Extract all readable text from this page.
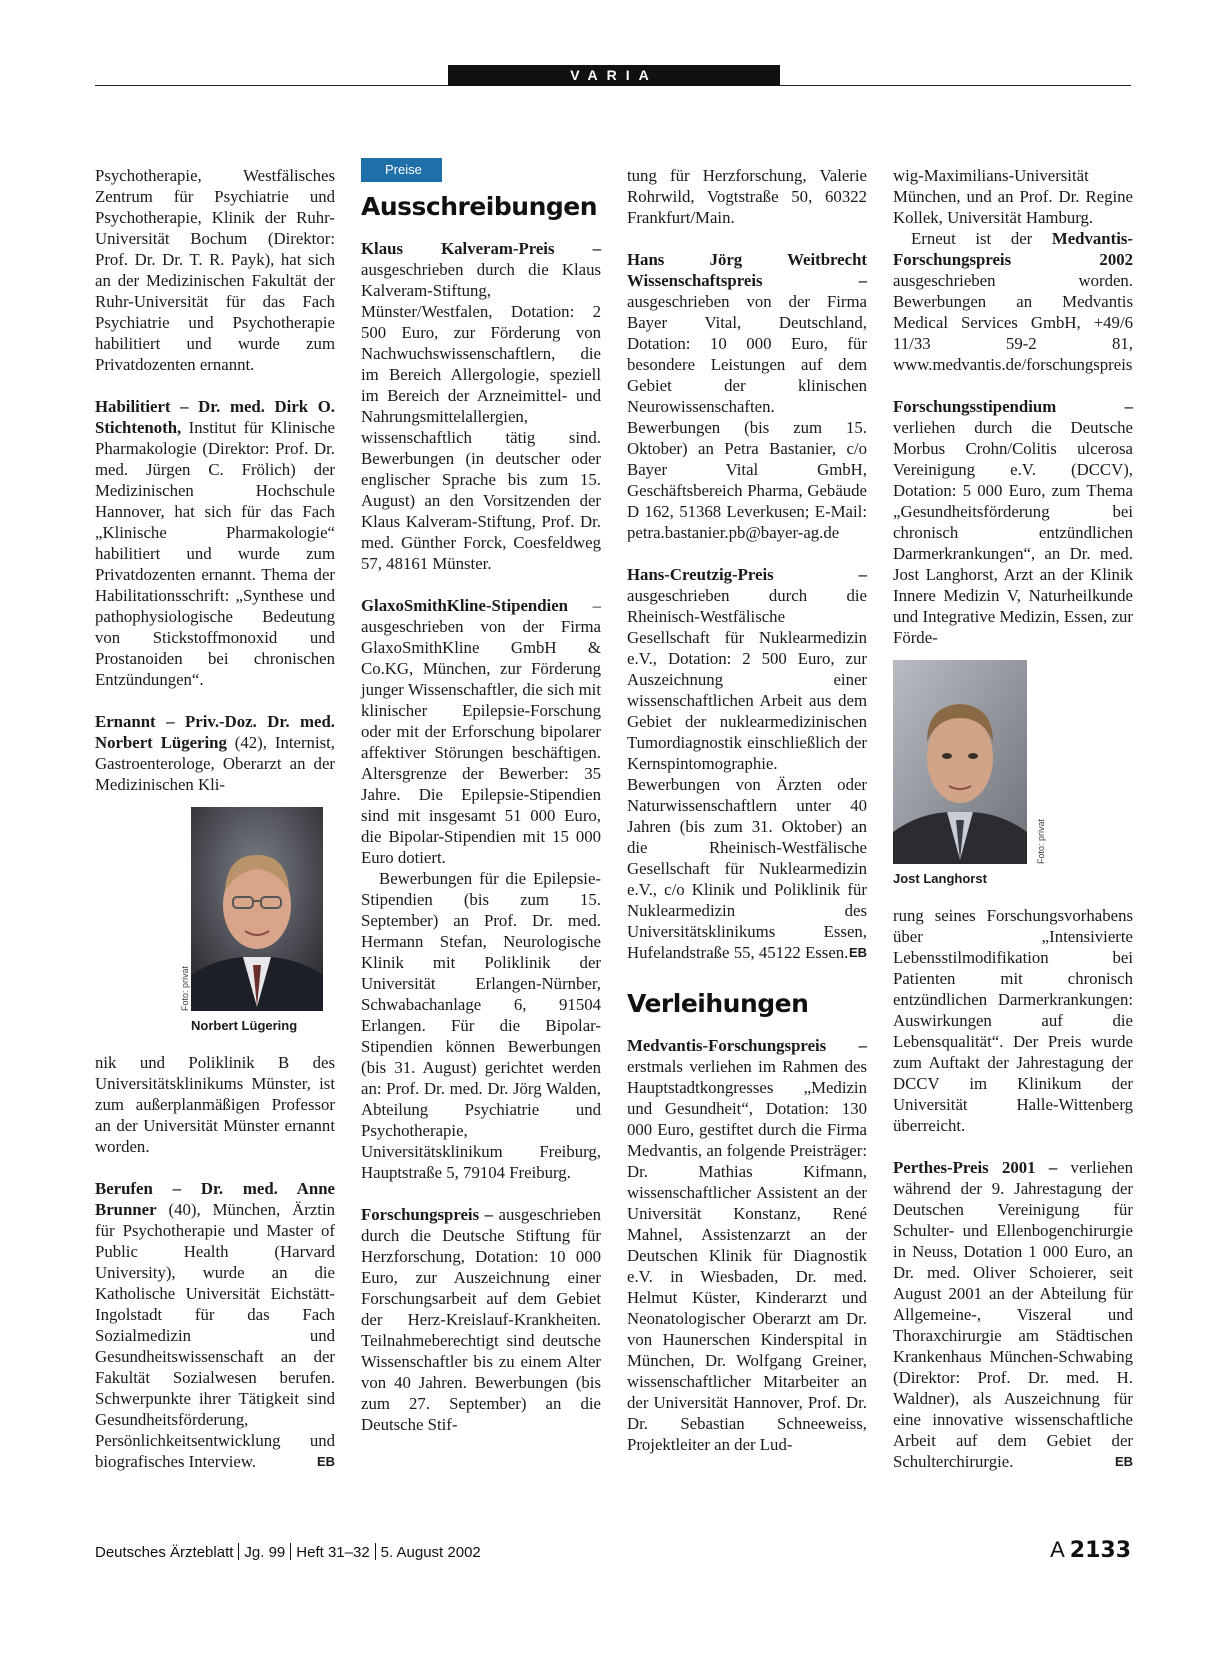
VARIA

Psychotherapie, Westfälisches Zentrum für Psychiatrie und Psychotherapie, Klinik der Ruhr-Universität Bochum (Direktor: Prof. Dr. Dr. T. R. Payk), hat sich an der Medizinischen Fakultät der Ruhr-Universität für das Fach Psychiatrie und Psychotherapie habilitiert und wurde zum Privatdozenten ernannt.

Habilitiert – Dr. med. Dirk O. Stichtenoth, Institut für Klinische Pharmakologie (Direktor: Prof. Dr. med. Jürgen C. Frölich) der Medizinischen Hochschule Hannover, hat sich für das Fach „Klinische Pharmakologie“ habilitiert und wurde zum Privatdozenten ernannt. Thema der Habilitationsschrift: „Synthese und pathophysiologische Bedeutung von Stickstoffmonoxid und Prostanoiden bei chronischen Entzündungen“.

Ernannt – Priv.-Doz. Dr. med. Norbert Lügering (42), Internist, Gastroenterologe, Oberarzt an der Medizinischen Kli-

Foto: privat
Norbert Lügering

nik und Poliklinik B des Universitätsklinikums Münster, ist zum außerplanmäßigen Professor an der Universität Münster ernannt worden.

Berufen – Dr. med. Anne Brunner (40), München, Ärztin für Psychotherapie und Master of Public Health (Harvard University), wurde an die Katholische Universität Eichstätt-Ingolstadt für das Fach Sozialmedizin und Gesundheitswissenschaft an der Fakultät Sozialwesen berufen. Schwerpunkte ihrer Tätigkeit sind Gesundheitsförderung, Persönlichkeitsentwicklung und biografisches Interview.	EB

Preise
Ausschreibungen

Klaus Kalveram-Preis – ausgeschrieben durch die Klaus Kalveram-Stiftung, Münster/Westfalen, Dotation: 2 500 Euro, zur Förderung von Nachwuchswissenschaftlern, die im Bereich Allergologie, speziell im Bereich der Arzneimittel- und Nahrungsmittelallergien, wissenschaftlich tätig sind. Bewerbungen (in deutscher oder englischer Sprache bis zum 15. August) an den Vorsitzenden der Klaus Kalveram-Stiftung, Prof. Dr. med. Günther Forck, Coesfeldweg 57, 48161 Münster.

GlaxoSmithKline-Stipendien – ausgeschrieben von der Firma GlaxoSmithKline GmbH & Co.KG, München, zur Förderung junger Wissenschaftler, die sich mit klinischer Epilepsie-Forschung oder mit der Erforschung bipolarer affektiver Störungen beschäftigen. Altersgrenze der Bewerber: 35 Jahre. Die Epilepsie-Stipendien sind mit insgesamt 51 000 Euro, die Bipolar-Stipendien mit 15 000 Euro dotiert.

Bewerbungen für die Epilepsie-Stipendien (bis zum 15. September) an Prof. Dr. med. Hermann Stefan, Neurologische Klinik mit Poliklinik der Universität Erlangen-Nürnber, Schwabachanlage 6, 91504 Erlangen. Für die Bipolar-Stipendien können Bewerbungen (bis 31. August) gerichtet werden an: Prof. Dr. med. Dr. Jörg Walden, Abteilung Psychiatrie und Psychotherapie, Universitätsklinikum Freiburg, Hauptstraße 5, 79104 Freiburg.

Forschungspreis – ausgeschrieben durch die Deutsche Stiftung für Herzforschung, Dotation: 10 000 Euro, zur Auszeichnung einer Forschungsarbeit auf dem Gebiet der Herz-Kreislauf-Krankheiten. Teilnahmeberechtigt sind deutsche Wissenschaftler bis zu einem Alter von 40 Jahren. Bewerbungen (bis zum 27. September) an die Deutsche Stif-

tung für Herzforschung, Valerie Rohrwild, Vogtstraße 50, 60322 Frankfurt/Main.

Hans Jörg Weitbrecht Wissenschaftspreis – ausgeschrieben von der Firma Bayer Vital, Deutschland, Dotation: 10 000 Euro, für besondere Leistungen auf dem Gebiet der klinischen Neurowissenschaften. Bewerbungen (bis zum 15. Oktober) an Petra Bastanier, c/o Bayer Vital GmbH, Geschäftsbereich Pharma, Gebäude D 162, 51368 Leverkusen; E-Mail: petra.bastanier.pb@bayer-ag.de

Hans-Creutzig-Preis – ausgeschrieben durch die Rheinisch-Westfälische Gesellschaft für Nuklearmedizin e.V., Dotation: 2 500 Euro, zur Auszeichnung einer wissenschaftlichen Arbeit aus dem Gebiet der nuklearmedizinischen Tumordiagnostik einschließlich der Kernspintomographie. Bewerbungen von Ärzten oder Naturwissenschaftlern unter 40 Jahren (bis zum 31. Oktober) an die Rheinisch-Westfälische Gesellschaft für Nuklearmedizin e.V., c/o Klinik und Poliklinik für Nuklearmedizin des Universitätsklinikums Essen, Hufelandstraße 55, 45122 Essen. EB

Verleihungen

Medvantis-Forschungspreis – erstmals verliehen im Rahmen des Hauptstadtkongresses „Medizin und Gesundheit“, Dotation: 130 000 Euro, gestiftet durch die Firma Medvantis, an folgende Preisträger: Dr. Mathias Kifmann, wissenschaftlicher Assistent an der Universität Konstanz, René Mahnel, Assistenzarzt an der Deutschen Klinik für Diagnostik e.V. in Wiesbaden, Dr. med. Helmut Küster, Kinderarzt und Neonatologischer Oberarzt am Dr. von Haunerschen Kinderspital in München, Dr. Wolfgang Greiner, wissenschaftlicher Mitarbeiter an der Universität Hannover, Prof. Dr. Dr. Sebastian Schneeweiss, Projektleiter an der Lud-

wig-Maximilians-Universität München, und an Prof. Dr. Regine Kollek, Universität Hamburg.

Erneut ist der Medvantis-Forschungspreis 2002 ausgeschrieben worden. Bewerbungen an Medvantis Medical Services GmbH, +49/6 11/33 59-2 81, www.medvantis.de/forschungspreis

Forschungsstipendium – verliehen durch die Deutsche Morbus Crohn/Colitis ulcerosa Vereinigung e.V. (DCCV), Dotation: 5 000 Euro, zum Thema „Gesundheitsförderung bei chronisch entzündlichen Darmerkrankungen“, an Dr. med. Jost Langhorst, Arzt an der Klinik Innere Medizin V, Naturheilkunde und Integrative Medizin, Essen, zur Förde-

Foto: privat
Jost Langhorst

rung seines Forschungsvorhabens über „Intensivierte Lebensstilmodifikation bei Patienten mit chronisch entzündlichen Darmerkrankungen: Auswirkungen auf die Lebensqualität“. Der Preis wurde zum Auftakt der Jahrestagung der DCCV im Klinikum der Universität Halle-Wittenberg überreicht.

Perthes-Preis 2001 – verliehen während der 9. Jahrestagung der Deutschen Vereinigung für Schulter- und Ellenbogenchirurgie in Neuss, Dotation 1 000 Euro, an Dr. med. Oliver Schoierer, seit August 2001 an der Abteilung für Allgemeine-, Viszeral und Thoraxchirurgie am Städtischen Krankenhaus München-Schwabing (Direktor: Prof. Dr. med. H. Waldner), als Auszeichnung für eine innovative wissenschaftliche Arbeit auf dem Gebiet der Schulterchirurgie.	EB

Deutsches Ärzteblatt Jg. 99 Heft 31–32 5. August 2002	A 2133
